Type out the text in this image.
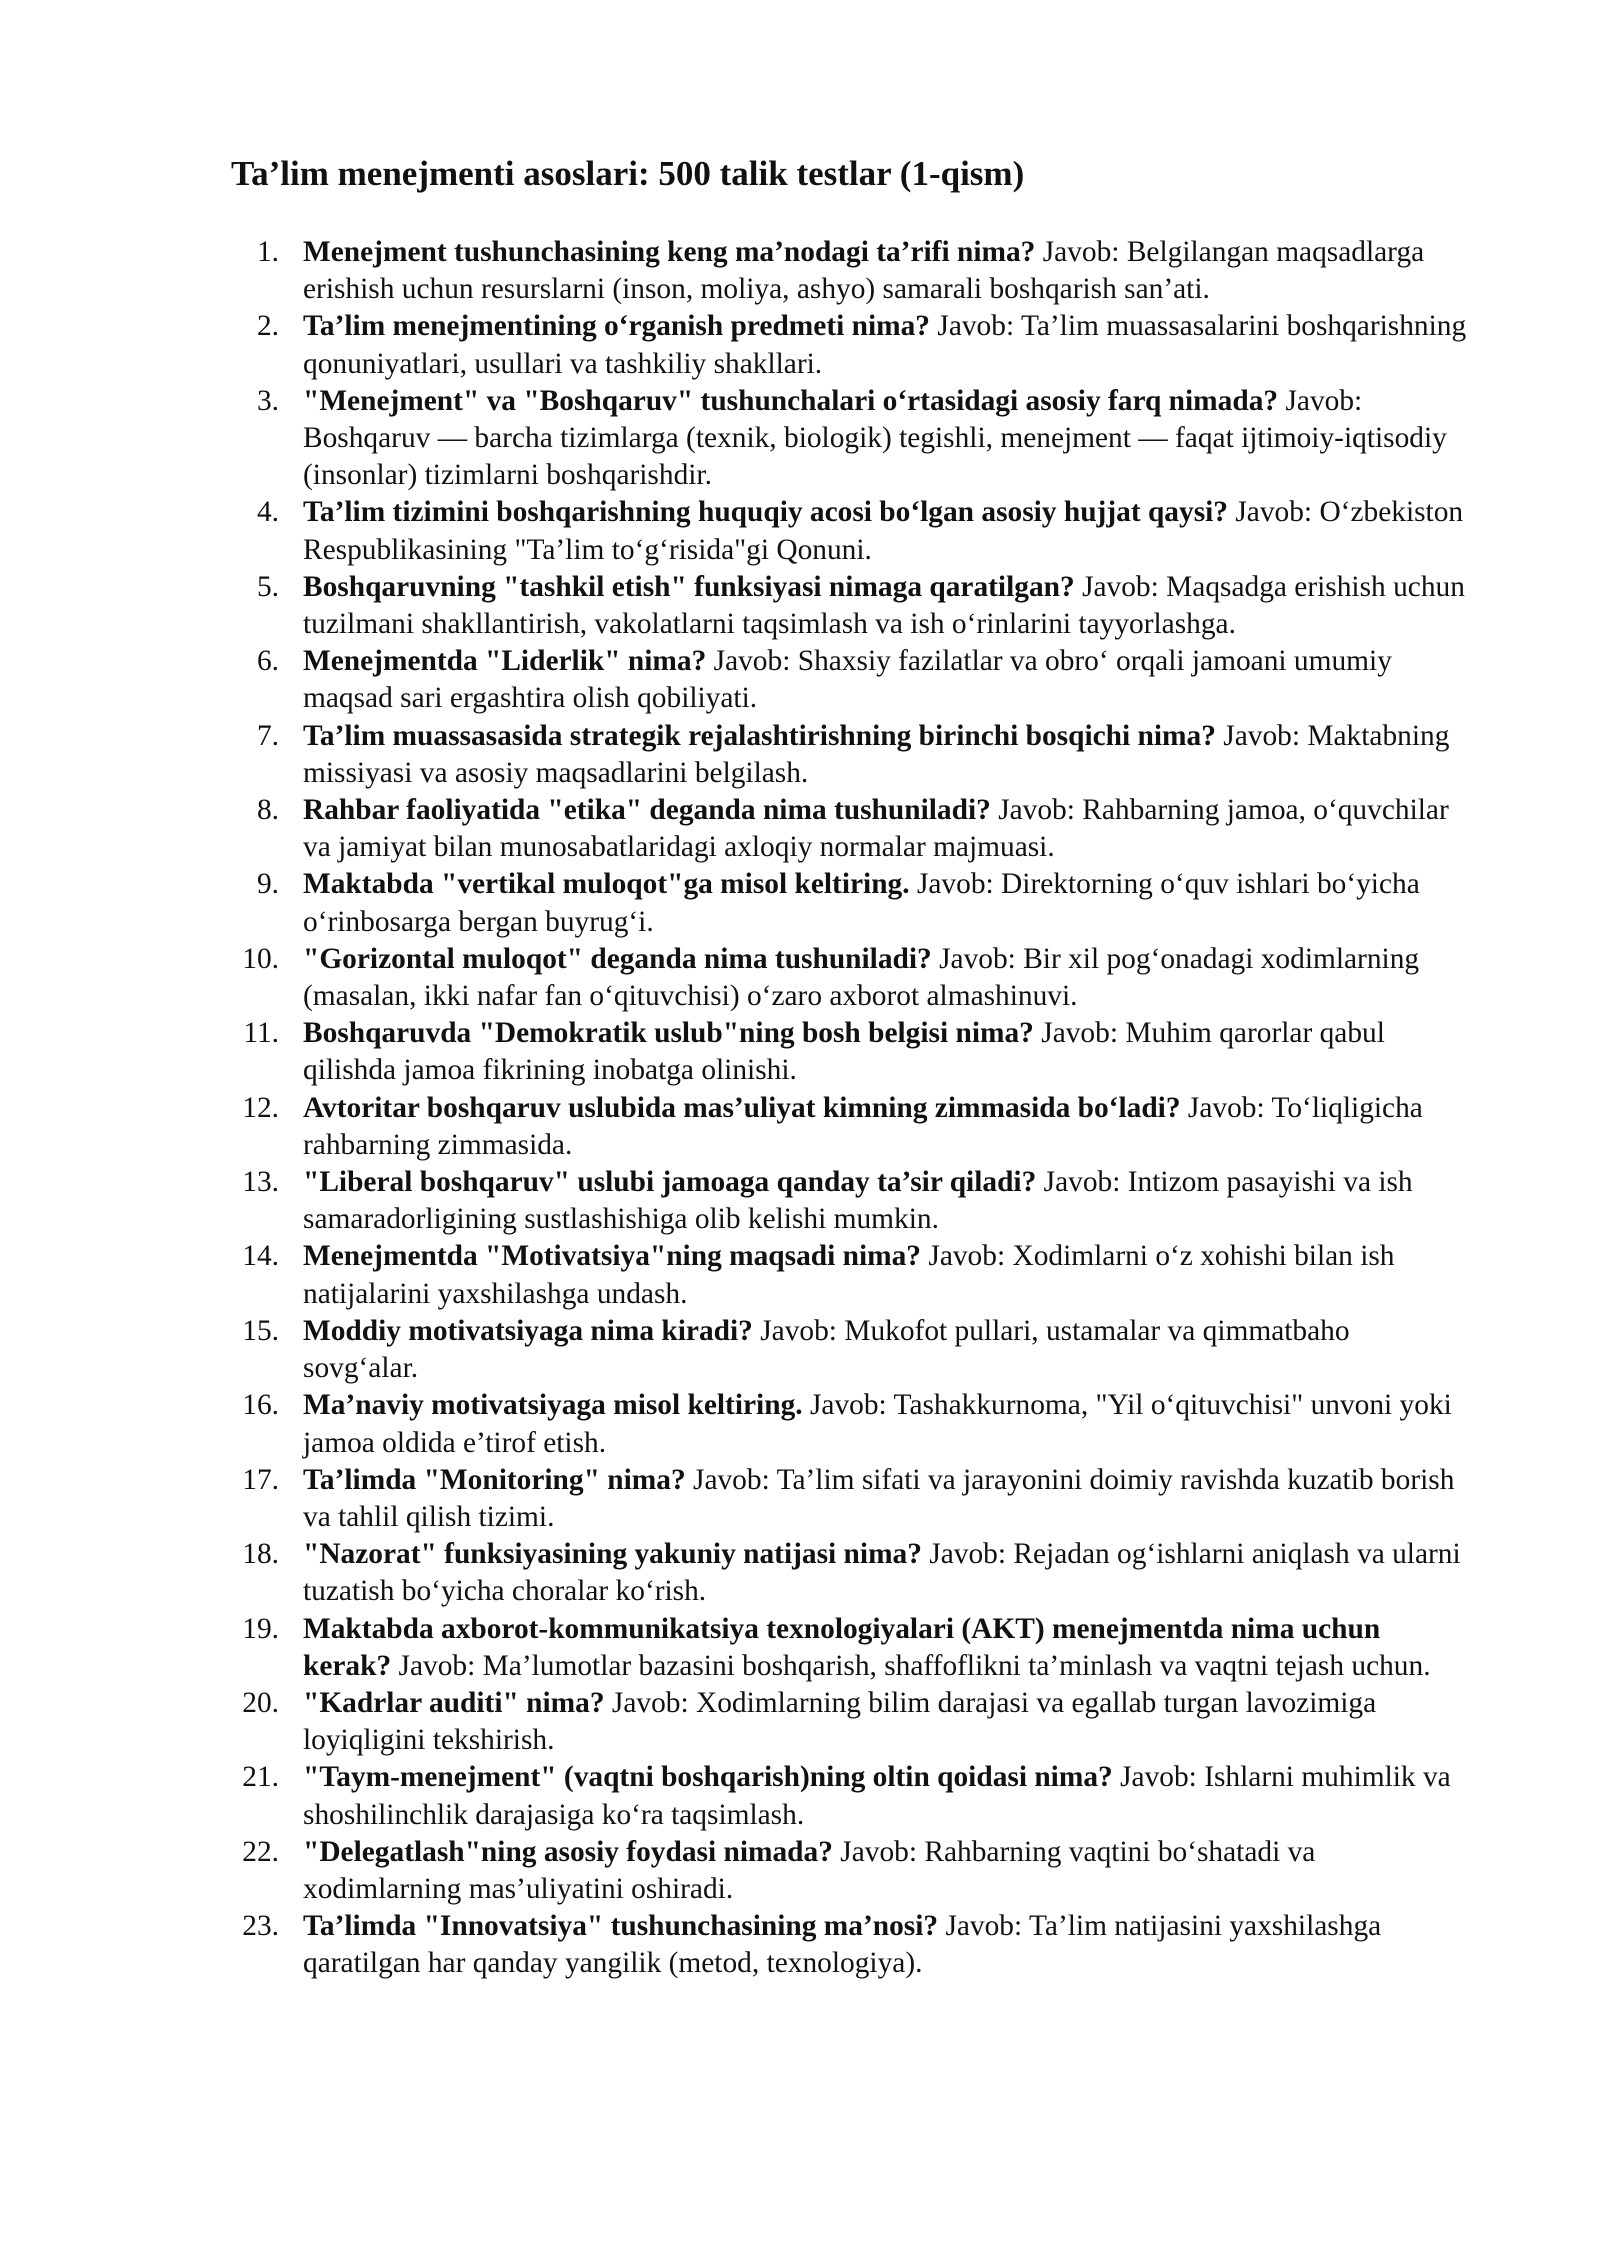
Ta’lim menejmenti asoslari: 500 talik testlar (1-qism)
1. Menejment tushunchasining keng ma’nodagi ta’rifi nima? Javob: Belgilangan maqsadlarga erishish uchun resurslarni (inson, moliya, ashyo) samarali boshqarish san’ati.
2. Ta’lim menejmentining o‘rganish predmeti nima? Javob: Ta’lim muassasalarini boshqarishning qonuniyatlari, usullari va tashkiliy shakllari.
3. "Menejment" va "Boshqaruv" tushunchalari o‘rtasidagi asosiy farq nimada? Javob: Boshqaruv — barcha tizimlarga (texnik, biologik) tegishli, menejment — faqat ijtimoiy-iqtisodiy (insonlar) tizimlarni boshqarishdir.
4. Ta’lim tizimini boshqarishning huquqiy acosi bo‘lgan asosiy hujjat qaysi? Javob: O‘zbekiston Respublikasining "Ta’lim to‘g‘risida"gi Qonuni.
5. Boshqaruvning "tashkil etish" funksiyasi nimaga qaratilgan? Javob: Maqsadga erishish uchun tuzilmani shakllantirish, vakolatlarni taqsimlash va ish o‘rinlarini tayyorlashga.
6. Menejmentda "Liderlik" nima? Javob: Shaxsiy fazilatlar va obro‘ orqali jamoani umumiy maqsad sari ergashtira olish qobiliyati.
7. Ta’lim muassasasida strategik rejalashtirishning birinchi bosqichi nima? Javob: Maktabning missiyasi va asosiy maqsadlarini belgilash.
8. Rahbar faoliyatida "etika" deganda nima tushuniladi? Javob: Rahbarning jamoa, o‘quvchilar va jamiyat bilan munosabatlaridagi axloqiy normalar majmuasi.
9. Maktabda "vertikal muloqot"ga misol keltiring. Javob: Direktorning o‘quv ishlari bo‘yicha o‘rinbosarga bergan buyrug‘i.
10. "Gorizontal muloqot" deganda nima tushuniladi? Javob: Bir xil pog‘onadagi xodimlarning (masalan, ikki nafar fan o‘qituvchisi) o‘zaro axborot almashinuvi.
11. Boshqaruvda "Demokratik uslub"ning bosh belgisi nima? Javob: Muhim qarorlar qabul qilishda jamoa fikrining inobatga olinishi.
12. Avtoritar boshqaruv uslubida mas’uliyat kimning zimmasida bo‘ladi? Javob: To‘liqligicha rahbarning zimmasida.
13. "Liberal boshqaruv" uslubi jamoaga qanday ta’sir qiladi? Javob: Intizom pasayishi va ish samaradorligining sustlashishiga olib kelishi mumkin.
14. Menejmentda "Motivatsiya"ning maqsadi nima? Javob: Xodimlarni o‘z xohishi bilan ish natijalarini yaxshilashga undash.
15. Moddiy motivatsiyaga nima kiradi? Javob: Mukofot pullari, ustamalar va qimmatbaho sovg‘alar.
16. Ma’naviy motivatsiyaga misol keltiring. Javob: Tashakkurnoma, "Yil o‘qituvchisi" unvoni yoki jamoa oldida e’tirof etish.
17. Ta’limda "Monitoring" nima? Javob: Ta’lim sifati va jarayonini doimiy ravishda kuzatib borish va tahlil qilish tizimi.
18. "Nazorat" funksiyasining yakuniy natijasi nima? Javob: Rejadan og‘ishlarni aniqlash va ularni tuzatish bo‘yicha choralar ko‘rish.
19. Maktabda axborot-kommunikatsiya texnologiyalari (AKT) menejmentda nima uchun kerak? Javob: Ma’lumotlar bazasini boshqarish, shaffoflikni ta’minlash va vaqtni tejash uchun.
20. "Kadrlar auditi" nima? Javob: Xodimlarning bilim darajasi va egallab turgan lavozimiga loyiqligini tekshirish.
21. "Taym-menejment" (vaqtni boshqarish)ning oltin qoidasi nima? Javob: Ishlarni muhimlik va shoshilinchlik darajasiga ko‘ra taqsimlash.
22. "Delegatlash"ning asosiy foydasi nimada? Javob: Rahbarning vaqtini bo‘shatadi va xodimlarning mas’uliyatini oshiradi.
23. Ta’limda "Innovatsiya" tushunchasining ma’nosi? Javob: Ta’lim natijasini yaxshilashga qaratilgan har qanday yangilik (metod, texnologiya).
